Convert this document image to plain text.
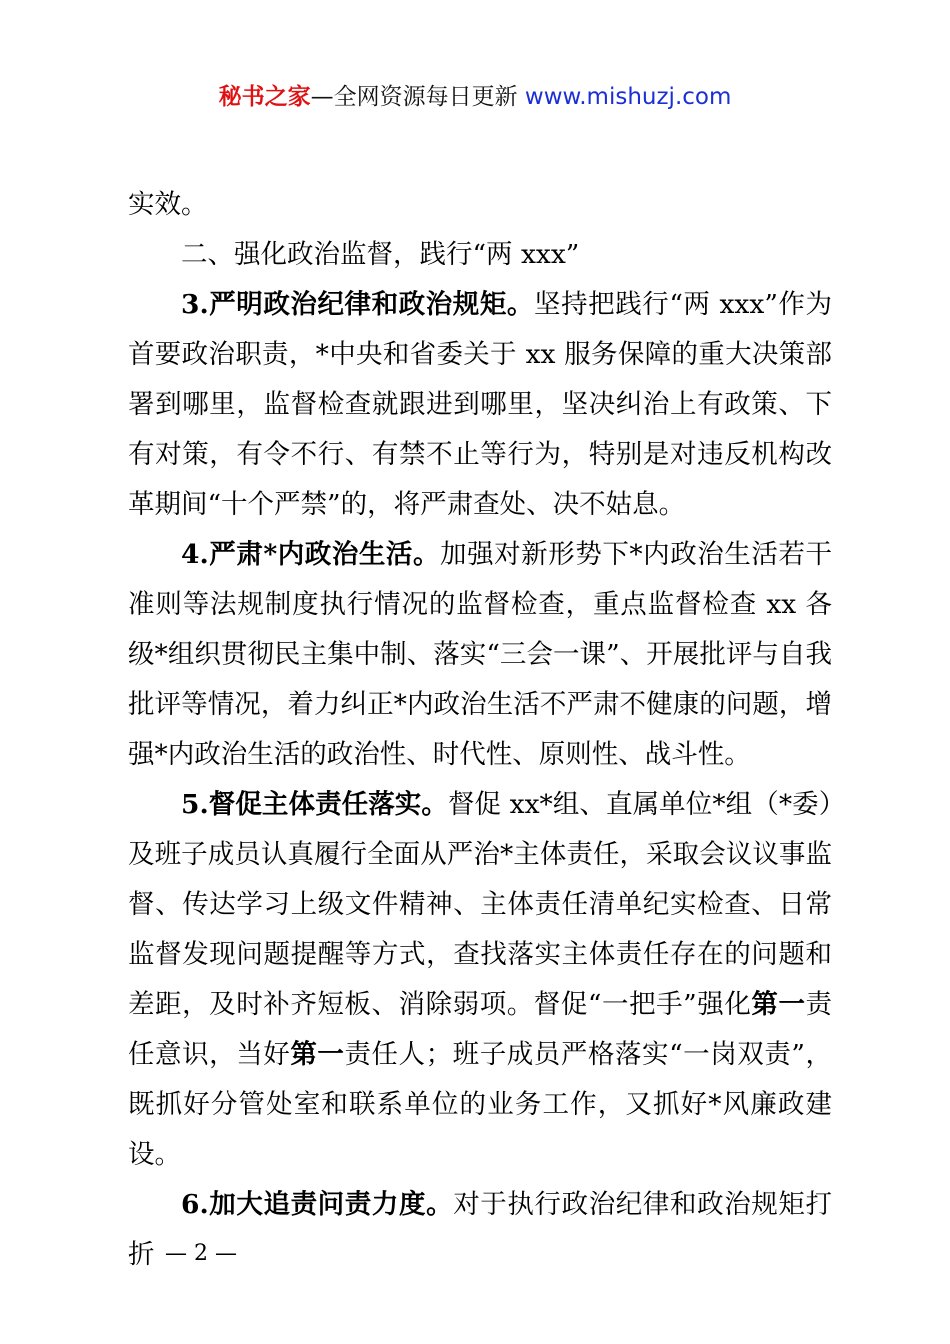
秘书之家—全网资源每日更新 www.mishuzj.com

实效。

二、强化政治监督，践行“两 xxx”

3.严明政治纪律和政治规矩。坚持把践行“两 xxx”作为首要政治职责，*中央和省委关于 xx 服务保障的重大决策部署到哪里，监督检查就跟进到哪里，坚决纠治上有政策、下有对策，有令不行、有禁不止等行为，特别是对违反机构改革期间“十个严禁”的，将严肃查处、决不姑息。

4.严肃*内政治生活。加强对新形势下*内政治生活若干准则等法规制度执行情况的监督检查，重点监督检查 xx 各级*组织贯彻民主集中制、落实“三会一课”、开展批评与自我批评等情况，着力纠正*内政治生活不严肃不健康的问题，增强*内政治生活的政治性、时代性、原则性、战斗性。

5.督促主体责任落实。督促 xx*组、直属单位*组（*委）及班子成员认真履行全面从严治*主体责任，采取会议议事监督、传达学习上级文件精神、主体责任清单纪实检查、日常监督发现问题提醒等方式，查找落实主体责任存在的问题和差距，及时补齐短板、消除弱项。督促“一把手”强化第一责任意识，当好第一责任人；班子成员严格落实“一岗双责”，既抓好分管处室和联系单位的业务工作，又抓好*风廉政建设。

6.加大追责问责力度。对于执行政治纪律和政治规矩打折 — 2 —
